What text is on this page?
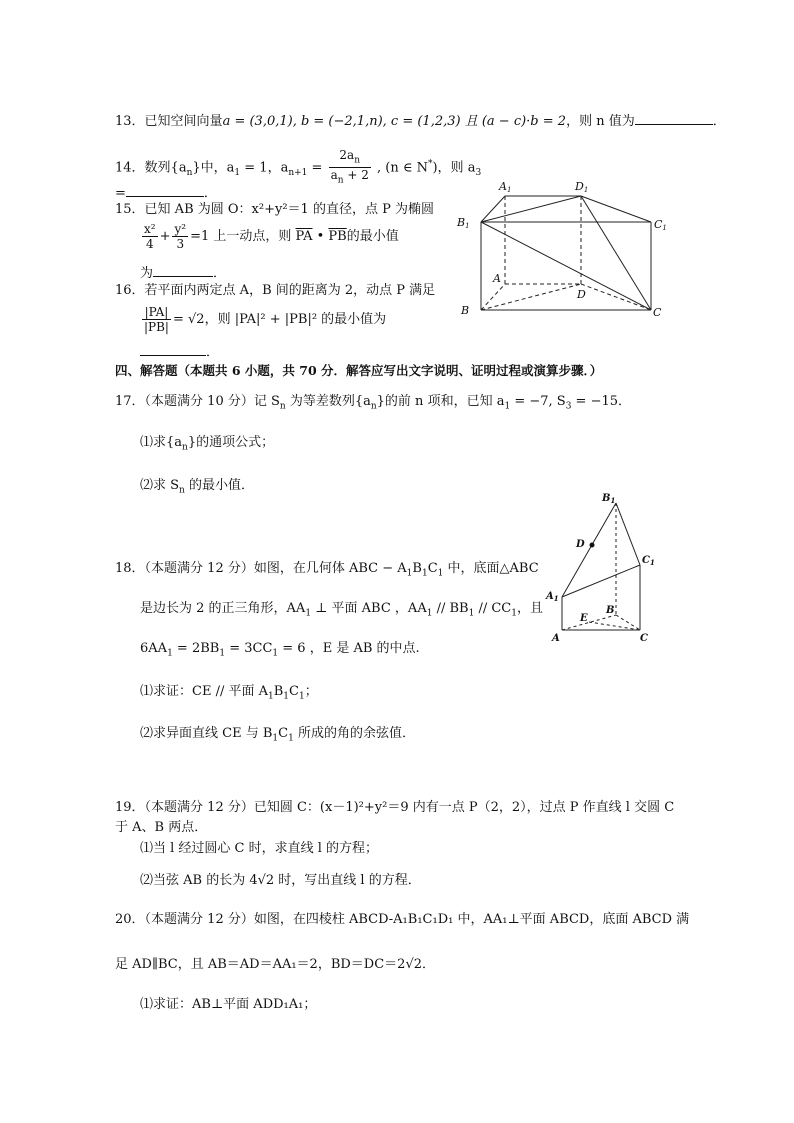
13．已知空间向量a = (3,0,1), b = (−2,1,n), c = (1,2,3) 且 (a − c)·b = 2，则 n 值为	．
14．数列$\{a_n\}$中，$a_1 = 1$，$a_{n+1} = \frac{2a_n}{a_n + 2}$ , (n ∈ N*)，则 $a_3$
=	．
15．已知 AB 为圆 O：x²+y²＝1 的直径，点 P 为椭圆
$\frac{\text{x²}}{4} + \frac{\text{y²}}{3} =1$ 上一动点，则 $\overline{PA}$ • $\overline{PB}$的最小值
为	．
16．若平面内两定点 A，B 间的距离为 2，动点 P 满足
$\frac{|PA|}{|PB|} = √2$，则 |PA|² + |PB|² 的最小值为
．
A1	D1
B1	C1
A
D
B	C
四、解答题（本题共 6 小题，共 70 分．解答应写出文字说明、证明过程或演算步骤．）
17．（本题满分 10 分）记 $S_n$ 为等差数列$\{a_n\}$的前 n 项和，已知 $a_1 = -7$, $S_3 = -15$．
⑴求$\{a_n\}$的通项公式；
⑵求 $S_n$ 的最小值．
18．（本题满分 12 分）如图，在几何体 ABC − $A_1B_1C_1$ 中，底面△ABC
是边长为 2 的正三角形，$AA_1$ ⊥ 平面 ABC ，$AA_1 // BB_1 // CC_1$，且
$6AA_1 = 2BB_1 = 3CC_1 = 6$ ，E 是 AB 的中点.
⑴求证：CE // 平面 $A_1B_1C_1$；
⑵求异面直线 CE 与 $B_1C_1$ 所成的角的余弦值．
$B_1$
D
$C_1$
$A_1$
E
B
A	C
19．（本题满分 12 分）已知圆 C：(x－1)²+y²＝9 内有一点 P（2，2），过点 P 作直线 l 交圆 C
于 A、B 两点．
⑴当 l 经过圆心 C 时，求直线 l 的方程；
⑵当弦 AB 的长为 4√2 时，写出直线 l 的方程．
20．（本题满分 12 分）如图，在四棱柱 ABCD-A₁B₁C₁D₁ 中，AA₁⊥平面 ABCD，底面 ABCD 满
足 AD∥BC，且 AB＝AD＝AA₁＝2，BD＝DC＝2√2．
⑴求证：AB⊥平面 ADD₁A₁；
